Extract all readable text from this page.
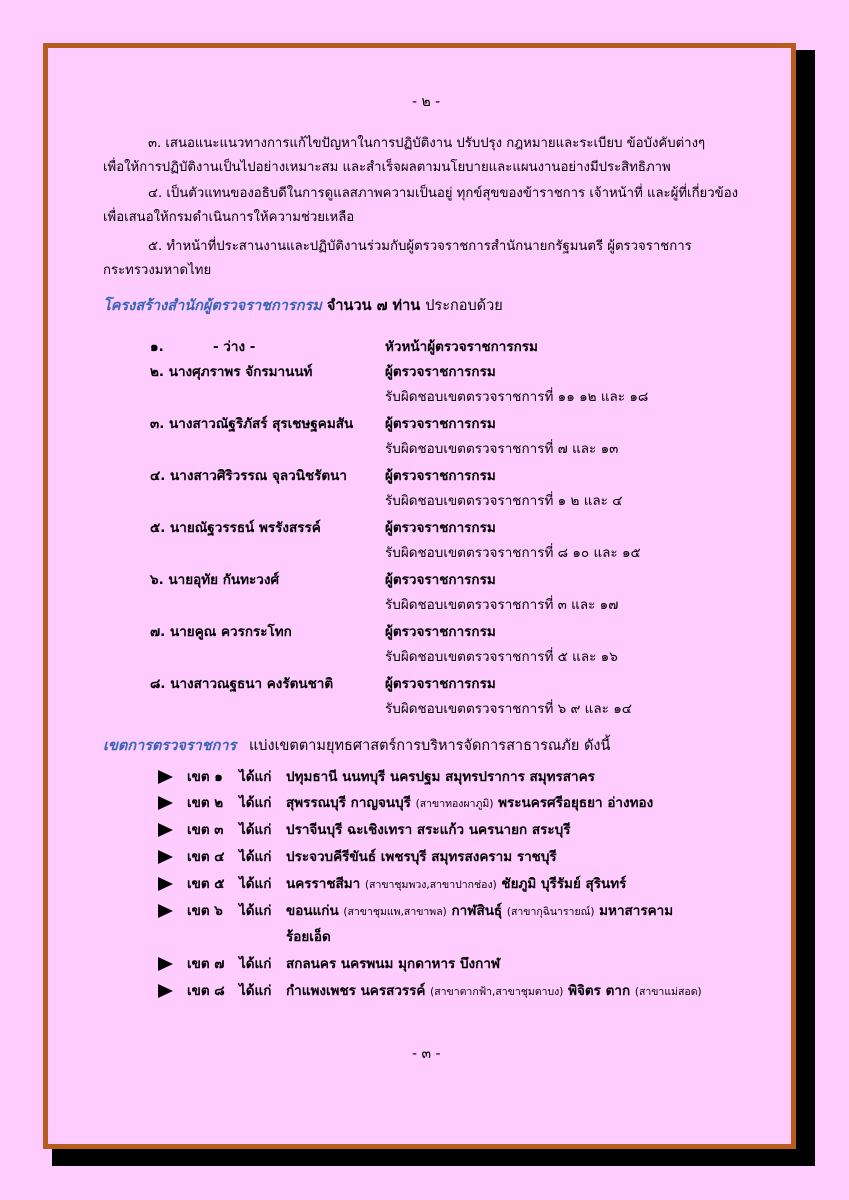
- ๒ -
๓. เสนอแนะแนวทางการแก้ไขปัญหาในการปฏิบัติงาน ปรับปรุง กฎหมายและระเบียบ ข้อบังคับต่างๆ
เพื่อให้การปฏิบัติงานเป็นไปอย่างเหมาะสม และสำเร็จผลตามนโยบายและแผนงานอย่างมีประสิทธิภาพ
๔. เป็นตัวแทนของอธิบดีในการดูแลสภาพความเป็นอยู่ ทุกข์สุขของข้าราชการ เจ้าหน้าที่ และผู้ที่เกี่ยวข้อง
เพื่อเสนอให้กรมดำเนินการให้ความช่วยเหลือ
๕. ทำหน้าที่ประสานงานและปฏิบัติงานร่วมกับผู้ตรวจราชการสำนักนายกรัฐมนตรี ผู้ตรวจราชการ
กระทรวงมหาดไทย
โครงสร้างสำนักผู้ตรวจราชการกรม จำนวน ๗ ท่าน ประกอบด้วย
๑.	- ว่าง -	หัวหน้าผู้ตรวจราชการกรม
๒. นางศุภราพร จักรมานนท์	ผู้ตรวจราชการกรม
รับผิดชอบเขตตรวจราชการที่ ๑๑ ๑๒ และ ๑๘
๓. นางสาวณัฐริภัสร์ สุรเชษฐคมสัน ผู้ตรวจราชการกรม
รับผิดชอบเขตตรวจราชการที่ ๗ และ ๑๓
๔. นางสาวศิริวรรณ จุลวนิชรัตนา	ผู้ตรวจราชการกรม
รับผิดชอบเขตตรวจราชการที่ ๑ ๒ และ ๔
๕. นายณัฐวรรธน์ พรรังสรรค์	ผู้ตรวจราชการกรม
รับผิดชอบเขตตรวจราชการที่ ๘ ๑๐ และ ๑๕
๖. นายอุทัย กันทะวงศ์	ผู้ตรวจราชการกรม
รับผิดชอบเขตตรวจราชการที่ ๓ และ ๑๗
๗. นายคูณ ควรกระโทก	ผู้ตรวจราชการกรม
รับผิดชอบเขตตรวจราชการที่ ๕ และ ๑๖
๘. นางสาวณฐธนา คงรัตนชาติ	ผู้ตรวจราชการกรม
รับผิดชอบเขตตรวจราชการที่ ๖ ๙ และ ๑๔
เขตการตรวจราชการ แบ่งเขตตามยุทธศาสตร์การบริหารจัดการสาธารณภัย ดังนี้
เขต ๑ ได้แก่ ปทุมธานี นนทบุรี นครปฐม สมุทรปราการ สมุทรสาคร
เขต ๒ ได้แก่ สุพรรณบุรี กาญจนบุรี (สาขาทองผาภูมิ) พระนครศรีอยุธยา อ่างทอง
เขต ๓ ได้แก่ ปราจีนบุรี ฉะเชิงเทรา สระแก้ว นครนายก สระบุรี
เขต ๔ ได้แก่ ประจวบคีรีขันธ์ เพชรบุรี สมุทรสงคราม ราชบุรี
เขต ๕ ได้แก่ นครราชสีมา (สาขาชุมพวง,สาขาปากช่อง) ชัยภูมิ บุรีรัมย์ สุรินทร์
เขต ๖ ได้แก่ ขอนแก่น (สาขาชุมแพ,สาขาพล) กาฬสินธุ์ (สาขากุฉินารายณ์) มหาสารคาม
ร้อยเอ็ด
เขต ๗ ได้แก่ สกลนคร นครพนม มุกดาหาร บึงกาฬ
เขต ๘ ได้แก่ กำแพงเพชร นครสวรรค์ (สาขาตากฟ้า,สาขาชุมตาบง) พิจิตร ตาก (สาขาแม่สอด)
- ๓ -
